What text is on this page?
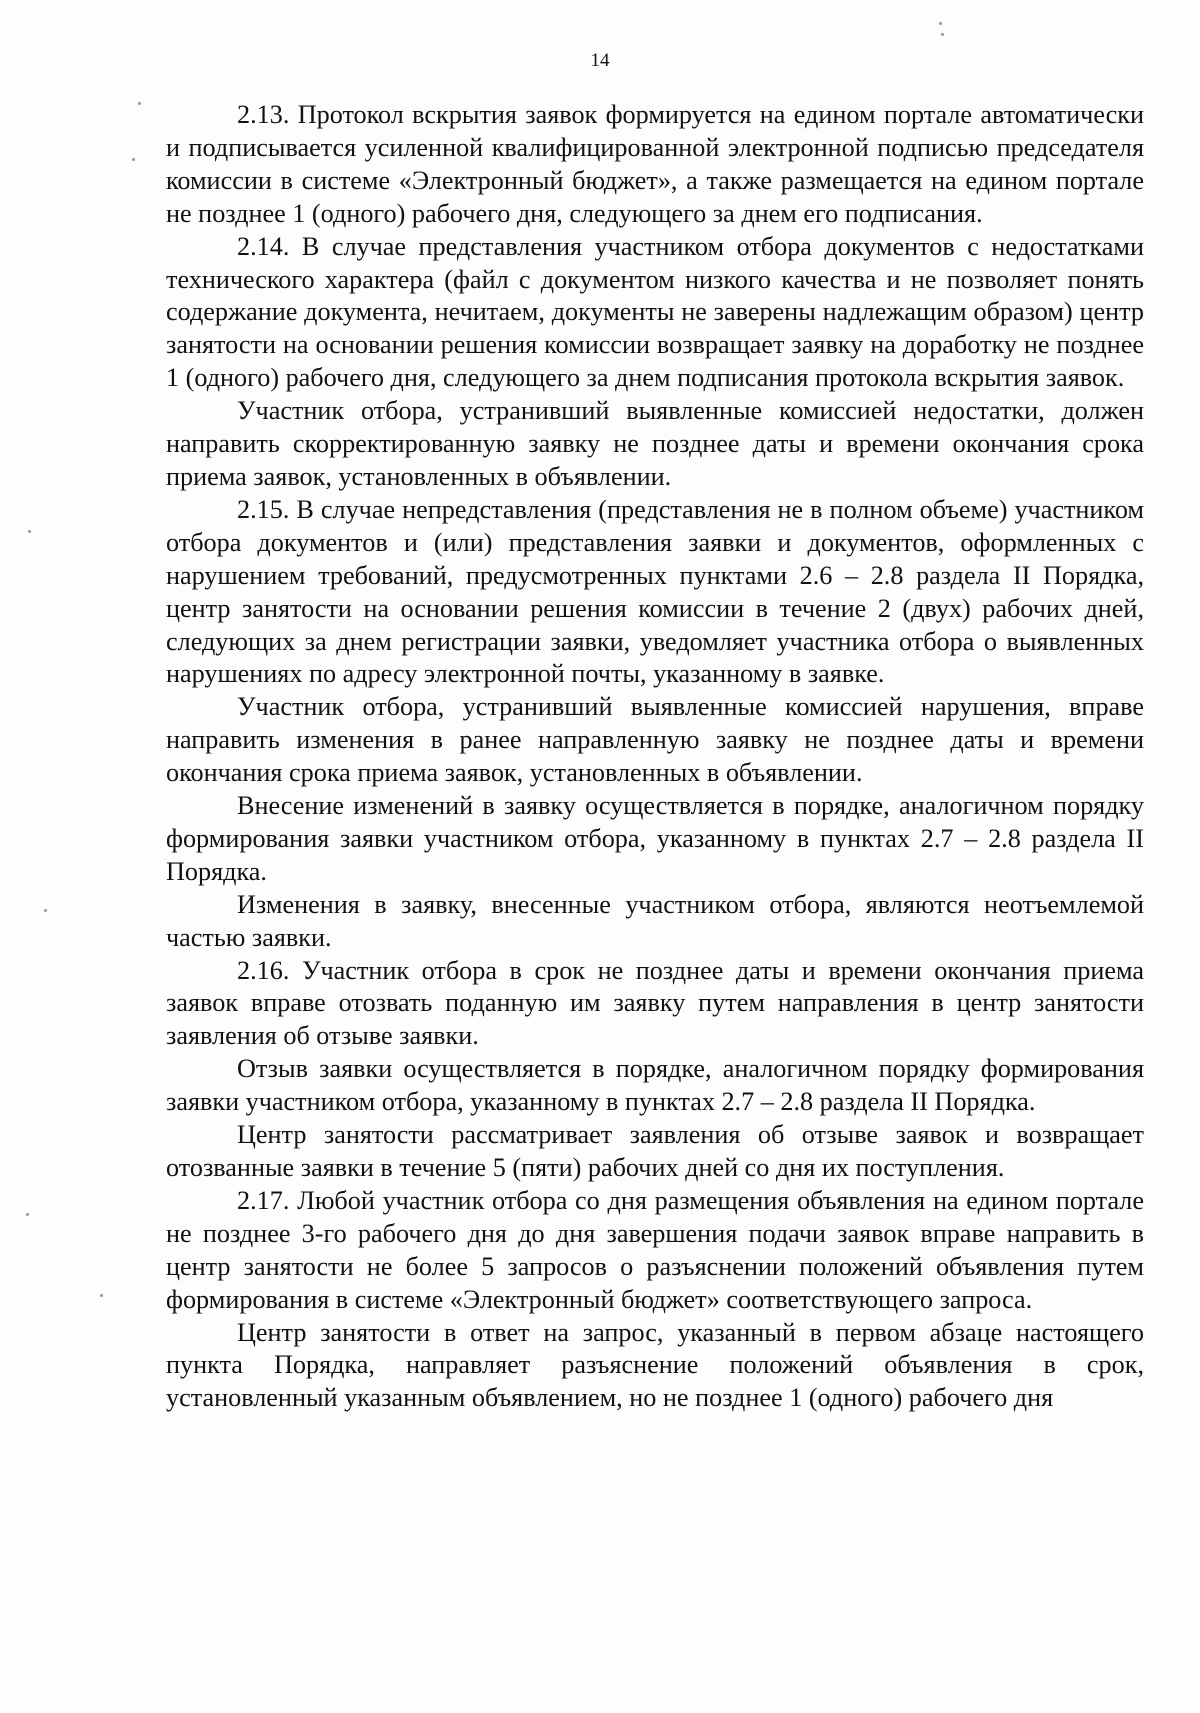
14

2.13. Протокол вскрытия заявок формируется на едином портале автоматически и подписывается усиленной квалифицированной электронной подписью председателя комиссии в системе «Электронный бюджет», а также размещается на едином портале не позднее 1 (одного) рабочего дня, следующего за днем его подписания.

2.14. В случае представления участником отбора документов с недостатками технического характера (файл с документом низкого качества и не позволяет понять содержание документа, нечитаем, документы не заверены надлежащим образом) центр занятости на основании решения комиссии возвращает заявку на доработку не позднее 1 (одного) рабочего дня, следующего за днем подписания протокола вскрытия заявок.

Участник отбора, устранивший выявленные комиссией недостатки, должен направить скорректированную заявку не позднее даты и времени окончания срока приема заявок, установленных в объявлении.

2.15. В случае непредставления (представления не в полном объеме) участником отбора документов и (или) представления заявки и документов, оформленных с нарушением требований, предусмотренных пунктами 2.6 – 2.8 раздела II Порядка, центр занятости на основании решения комиссии в течение 2 (двух) рабочих дней, следующих за днем регистрации заявки, уведомляет участника отбора о выявленных нарушениях по адресу электронной почты, указанному в заявке.

Участник отбора, устранивший выявленные комиссией нарушения, вправе направить изменения в ранее направленную заявку не позднее даты и времени окончания срока приема заявок, установленных в объявлении.

Внесение изменений в заявку осуществляется в порядке, аналогичном порядку формирования заявки участником отбора, указанному в пунктах 2.7 – 2.8 раздела II Порядка.

Изменения в заявку, внесенные участником отбора, являются неотъемлемой частью заявки.

2.16. Участник отбора в срок не позднее даты и времени окончания приема заявок вправе отозвать поданную им заявку путем направления в центр занятости заявления об отзыве заявки.

Отзыв заявки осуществляется в порядке, аналогичном порядку формирования заявки участником отбора, указанному в пунктах 2.7 – 2.8 раздела II Порядка.

Центр занятости рассматривает заявления об отзыве заявок и возвращает отозванные заявки в течение 5 (пяти) рабочих дней со дня их поступления.

2.17. Любой участник отбора со дня размещения объявления на едином портале не позднее 3-го рабочего дня до дня завершения подачи заявок вправе направить в центр занятости не более 5 запросов о разъяснении положений объявления путем формирования в системе «Электронный бюджет» соответствующего запроса.

Центр занятости в ответ на запрос, указанный в первом абзаце настоящего пункта Порядка, направляет разъяснение положений объявления в срок, установленный указанным объявлением, но не позднее 1 (одного) рабочего дня
